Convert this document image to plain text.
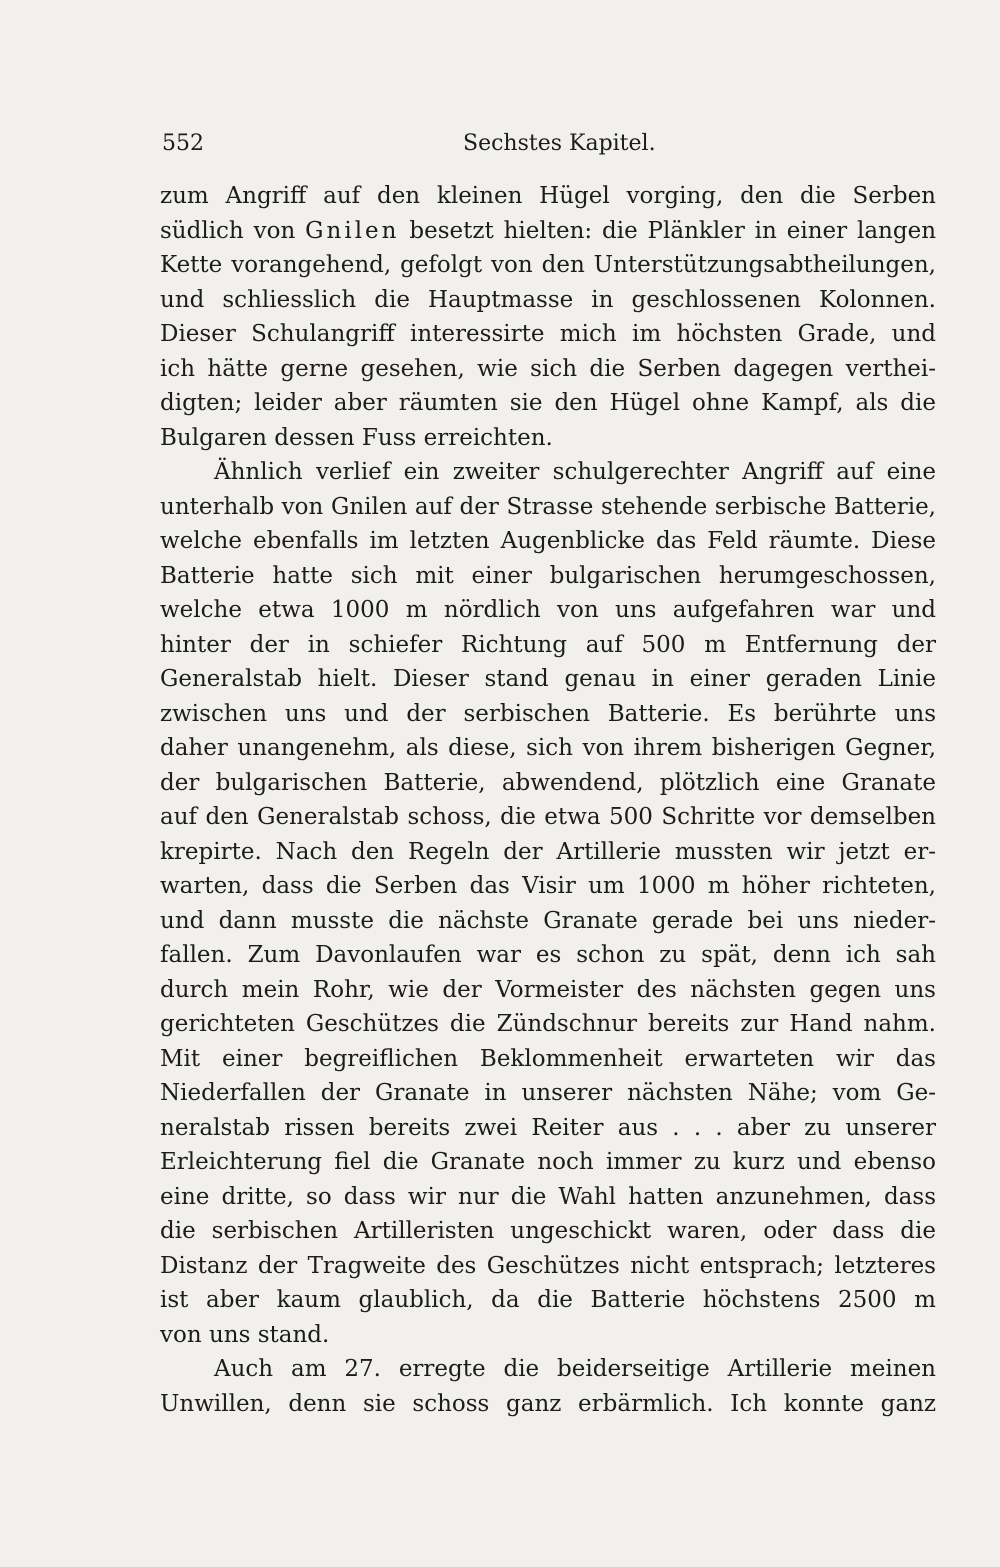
552	Sechstes Kapitel.
zum Angriff auf den kleinen Hügel vorging, den die Serben
südlich von Gnilen besetzt hielten: die Plänkler in einer langen
Kette vorangehend, gefolgt von den Unterstützungsabtheilungen,
und schliesslich die Hauptmasse in geschlossenen Kolonnen.
Dieser Schulangriff interessirte mich im höchsten Grade, und
ich hätte gerne gesehen, wie sich die Serben dagegen verthei-
digten; leider aber räumten sie den Hügel ohne Kampf, als die
Bulgaren dessen Fuss erreichten.
Ähnlich verlief ein zweiter schulgerechter Angriff auf eine
unterhalb von Gnilen auf der Strasse stehende serbische Batterie,
welche ebenfalls im letzten Augenblicke das Feld räumte. Diese
Batterie hatte sich mit einer bulgarischen herumgeschossen,
welche etwa 1000 m nördlich von uns aufgefahren war und
hinter der in schiefer Richtung auf 500 m Entfernung der
Generalstab hielt. Dieser stand genau in einer geraden Linie
zwischen uns und der serbischen Batterie. Es berührte uns
daher unangenehm, als diese, sich von ihrem bisherigen Gegner,
der bulgarischen Batterie, abwendend, plötzlich eine Granate
auf den Generalstab schoss, die etwa 500 Schritte vor demselben
krepirte. Nach den Regeln der Artillerie mussten wir jetzt er-
warten, dass die Serben das Visir um 1000 m höher richteten,
und dann musste die nächste Granate gerade bei uns nieder-
fallen. Zum Davonlaufen war es schon zu spät, denn ich sah
durch mein Rohr, wie der Vormeister des nächsten gegen uns
gerichteten Geschützes die Zündschnur bereits zur Hand nahm.
Mit einer begreiflichen Beklommenheit erwarteten wir das
Niederfallen der Granate in unserer nächsten Nähe; vom Ge-
neralstab rissen bereits zwei Reiter aus . . . aber zu unserer
Erleichterung fiel die Granate noch immer zu kurz und ebenso
eine dritte, so dass wir nur die Wahl hatten anzunehmen, dass
die serbischen Artilleristen ungeschickt waren, oder dass die
Distanz der Tragweite des Geschützes nicht entsprach; letzteres
ist aber kaum glaublich, da die Batterie höchstens 2500 m
von uns stand.
Auch am 27. erregte die beiderseitige Artillerie meinen
Unwillen, denn sie schoss ganz erbärmlich. Ich konnte ganz
